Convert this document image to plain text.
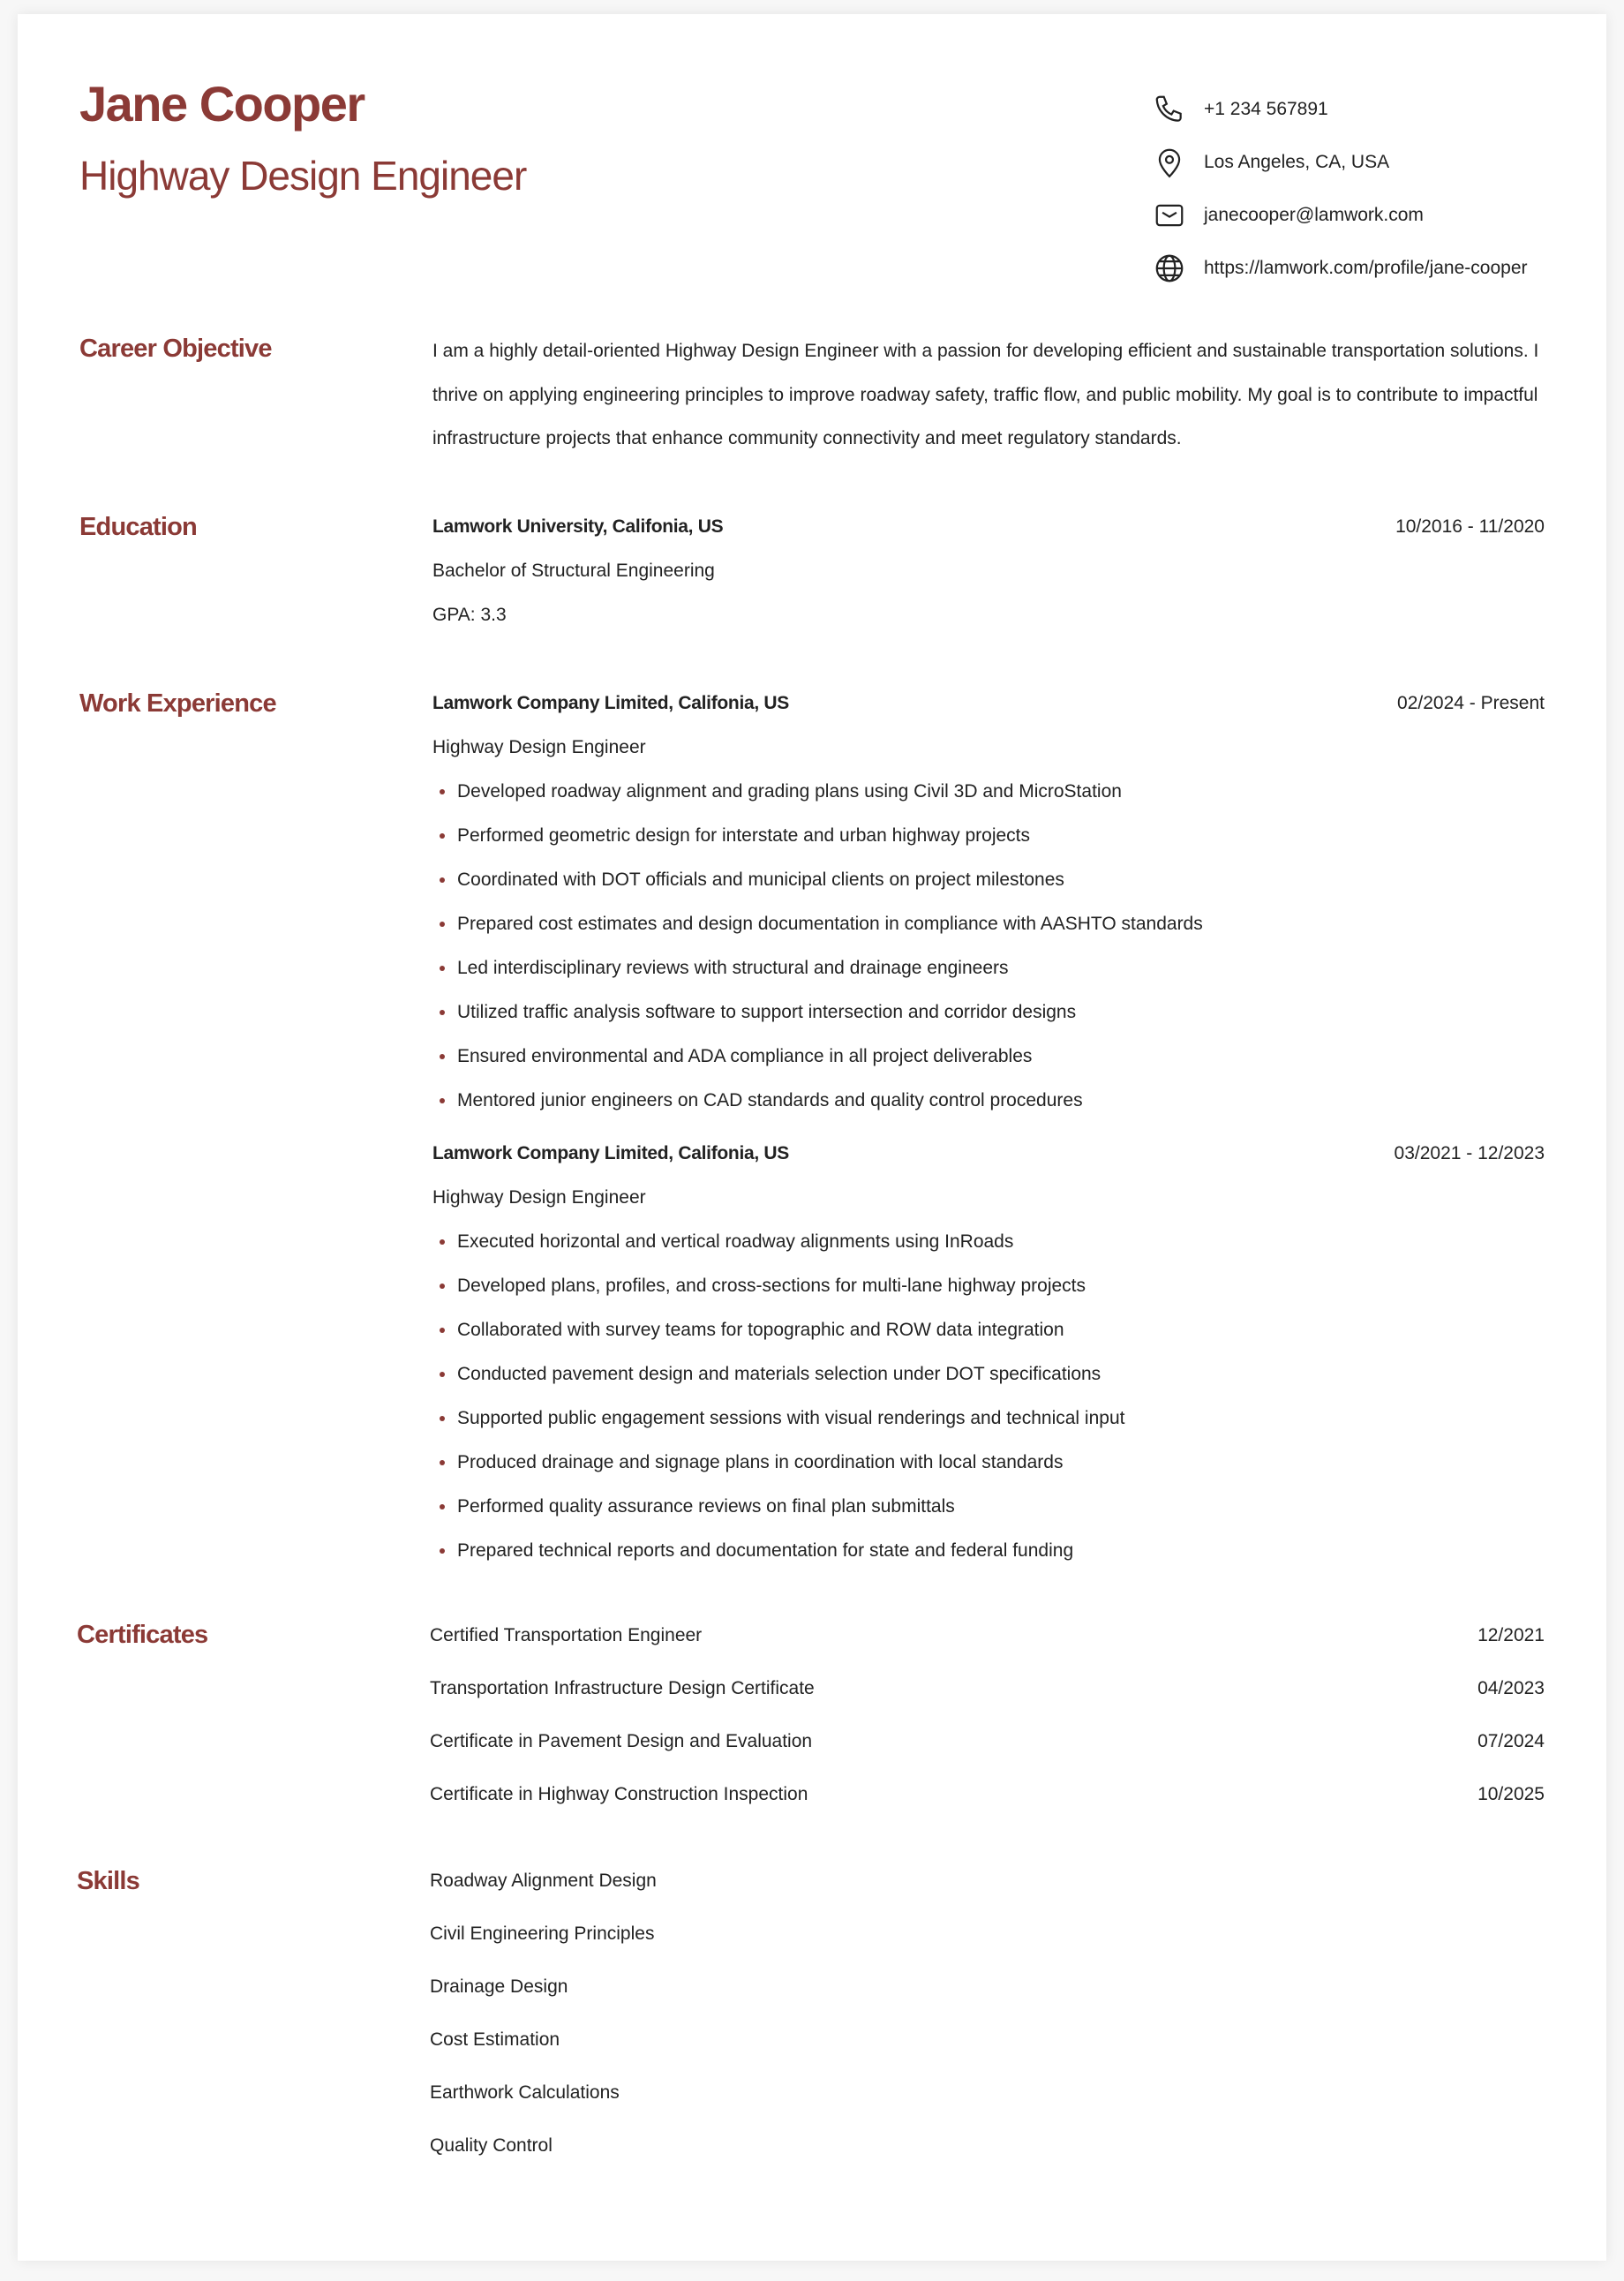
Jane Cooper
Highway Design Engineer
+1 234 567891
Los Angeles, CA, USA
janecooper@lamwork.com
https://lamwork.com/profile/jane-cooper
Career Objective	I am a highly detail-oriented Highway Design Engineer with a passion for developing efficient and sustainable transportation solutions. I thrive on applying engineering principles to improve roadway safety, traffic flow, and public mobility. My goal is to contribute to impactful infrastructure projects that enhance community connectivity and meet regulatory standards.
Education	Lamwork University, Califonia, US	10/2016 - 11/2020
Bachelor of Structural Engineering
GPA: 3.3
Work Experience	Lamwork Company Limited, Califonia, US	02/2024 - Present
Highway Design Engineer
Developed roadway alignment and grading plans using Civil 3D and MicroStation
Performed geometric design for interstate and urban highway projects
Coordinated with DOT officials and municipal clients on project milestones
Prepared cost estimates and design documentation in compliance with AASHTO standards
Led interdisciplinary reviews with structural and drainage engineers
Utilized traffic analysis software to support intersection and corridor designs
Ensured environmental and ADA compliance in all project deliverables
Mentored junior engineers on CAD standards and quality control procedures
Lamwork Company Limited, Califonia, US	03/2021 - 12/2023
Highway Design Engineer
Executed horizontal and vertical roadway alignments using InRoads
Developed plans, profiles, and cross-sections for multi-lane highway projects
Collaborated with survey teams for topographic and ROW data integration
Conducted pavement design and materials selection under DOT specifications
Supported public engagement sessions with visual renderings and technical input
Produced drainage and signage plans in coordination with local standards
Performed quality assurance reviews on final plan submittals
Prepared technical reports and documentation for state and federal funding
Certificates	Certified Transportation Engineer	12/2021
Transportation Infrastructure Design Certificate	04/2023
Certificate in Pavement Design and Evaluation	07/2024
Certificate in Highway Construction Inspection	10/2025
Skills	Roadway Alignment Design
Civil Engineering Principles
Drainage Design
Cost Estimation
Earthwork Calculations
Quality Control
